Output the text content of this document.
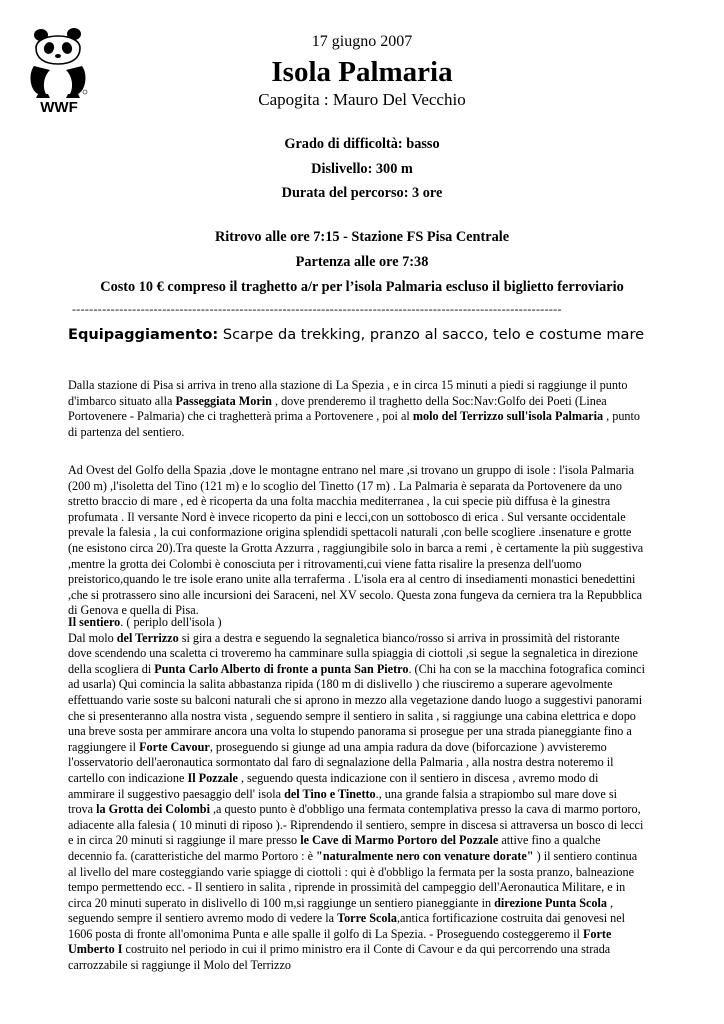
WWF
17 giugno 2007
Isola Palmaria
Capogita : Mauro Del Vecchio
Grado di difficoltà: basso
Dislivello: 300 m
Durata del percorso: 3 ore
Ritrovo alle ore 7:15 - Stazione FS Pisa Centrale
Partenza alle ore 7:38
Costo 10 € compreso il traghetto a/r per l’isola Palmaria escluso il biglietto ferroviario
------------------------------------------------------------------------------------------------------------------
Equipaggiamento: Scarpe da trekking, pranzo al sacco, telo e costume mare
Dalla stazione di Pisa si arriva in treno alla stazione di La Spezia , e in circa 15 minuti a piedi si raggiunge il punto
d'imbarco situato alla Passeggiata Morin , dove prenderemo il traghetto della Soc:Nav:Golfo dei Poeti (Linea
Portovenere - Palmaria) che ci traghetterà prima a Portovenere , poi al molo del Terrizzo sull'isola Palmaria , punto
di partenza del sentiero.
Ad Ovest del Golfo della Spazia ,dove le montagne entrano nel mare ,si trovano un gruppo di isole : l'isola Palmaria
(200 m) ,l'isoletta del Tino (121 m) e lo scoglio del Tinetto (17 m) . La Palmaria è separata da Portovenere da uno
stretto braccio di mare , ed è ricoperta da una folta macchia mediterranea , la cui specie più diffusa è la ginestra
profumata . Il versante Nord è invece ricoperto da pini e lecci,con un sottobosco di erica . Sul versante occidentale
prevale la falesia , la cui conformazione origina splendidi spettacoli naturali ,con belle scogliere .insenature e grotte
(ne esistono circa 20).Tra queste la Grotta Azzurra , raggiungibile solo in barca a remi , è certamente la più suggestiva
,mentre la grotta dei Colombi è conosciuta per i ritrovamenti,cui viene fatta risalire la presenza dell'uomo
preistorico,quando le tre isole erano unite alla terraferma . L'isola era al centro di insediamenti monastici benedettini
,che si protrassero sino alle incursioni dei Saraceni, nel XV secolo. Questa zona fungeva da cerniera tra la Repubblica
di Genova e quella di Pisa.
Il sentiero. ( periplo dell'isola )
Dal molo del Terrizzo si gira a destra e seguendo la segnaletica bianco/rosso si arriva in prossimità del ristorante
dove scendendo una scaletta ci troveremo ha camminare sulla spiaggia di ciottoli ,si segue la segnaletica in direzione
della scogliera di Punta Carlo Alberto di fronte a punta San Pietro. (Chi ha con se la macchina fotografica cominci
ad usarla) Qui comincia la salita abbastanza ripida (180 m di dislivello ) che riusciremo a superare agevolmente
effettuando varie soste su balconi naturali che si aprono in mezzo alla vegetazione dando luogo a suggestivi panorami
che si presenteranno alla nostra vista , seguendo sempre il sentiero in salita , si raggiunge una cabina elettrica e dopo
una breve sosta per ammirare ancora una volta lo stupendo panorama si prosegue per una strada pianeggiante fino a
raggiungere il Forte Cavour, proseguendo si giunge ad una ampia radura da dove (biforcazione ) avvisteremo
l'osservatorio dell'aeronautica sormontato dal faro di segnalazione della Palmaria , alla nostra destra noteremo il
cartello con indicazione Il Pozzale , seguendo questa indicazione con il sentiero in discesa , avremo modo di
ammirare il suggestivo paesaggio dell' isola del Tino e Tinetto., una grande falsia a strapiombo sul mare dove si
trova la Grotta dei Colombi ,a questo punto è d'obbligo una fermata contemplativa presso la cava di marmo portoro,
adiacente alla falesia ( 10 minuti di riposo ).- Riprendendo il sentiero, sempre in discesa si attraversa un bosco di lecci
e in circa 20 minuti si raggiunge il mare presso le Cave di Marmo Portoro del Pozzale attive fino a qualche
decennio fa. (caratteristiche del marmo Portoro : è "naturalmente nero con venature dorate" ) il sentiero continua
al livello del mare costeggiando varie spiagge di ciottoli : qui è d'obbligo la fermata per la sosta pranzo, balneazione
tempo permettendo ecc. - Il sentiero in salita , riprende in prossimità del campeggio dell'Aeronautica Militare, e in
circa 20 minuti superato in dislivello di 100 m,si raggiunge un sentiero pianeggiante in direzione Punta Scola ,
seguendo sempre il sentiero avremo modo di vedere la Torre Scola,antica fortificazione costruita dai genovesi nel
1606 posta di fronte all'omonima Punta e alle spalle il golfo di La Spezia. - Proseguendo costeggeremo il Forte
Umberto I costruito nel periodo in cui il primo ministro era il Conte di Cavour e da qui percorrendo una strada
carrozzabile si raggiunge il Molo del Terrizzo
